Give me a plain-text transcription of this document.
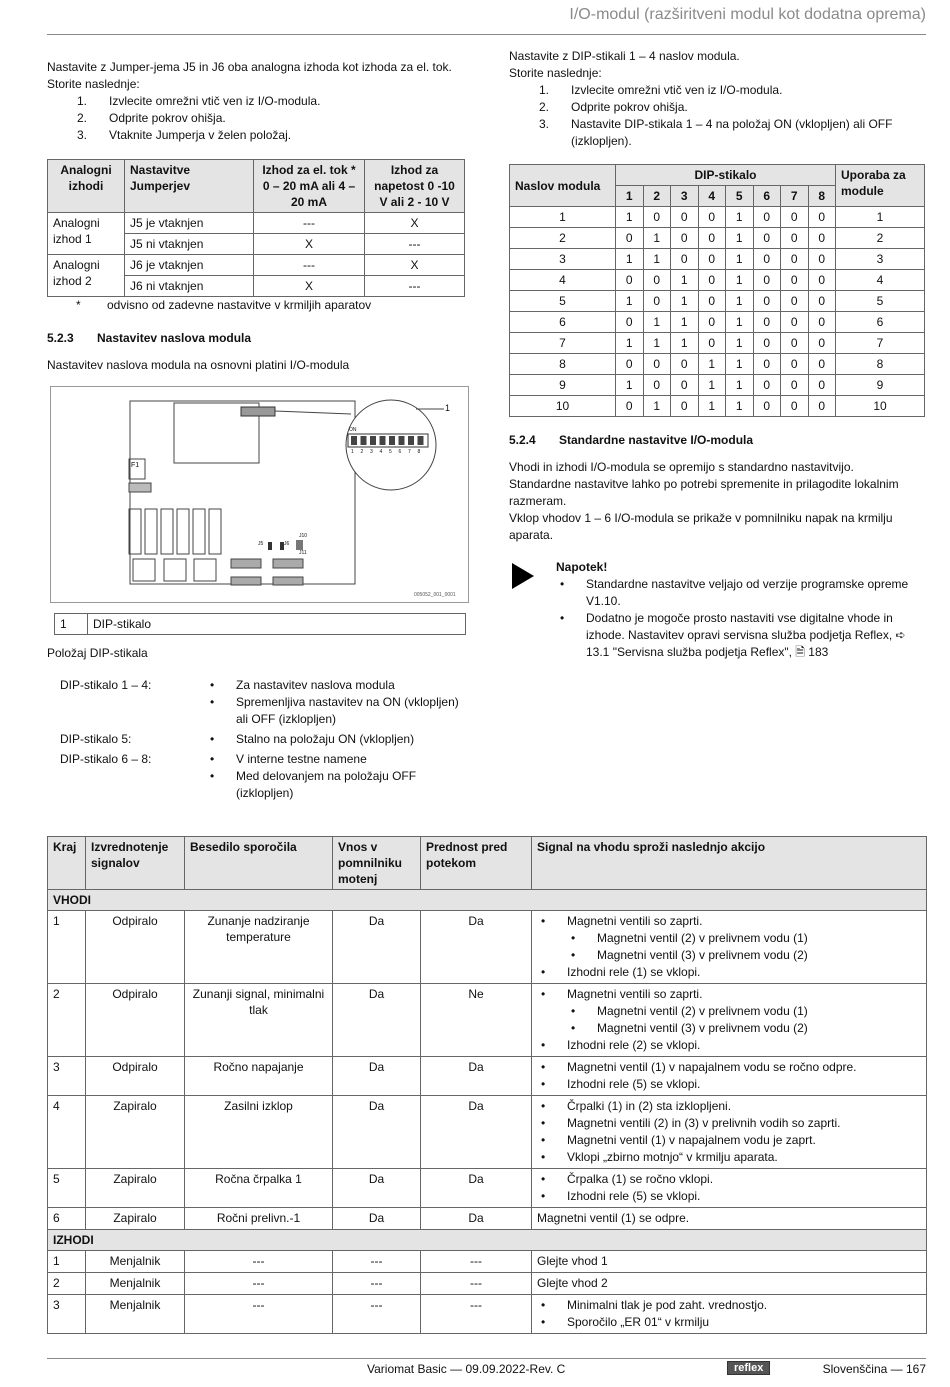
I/O-modul (razširitveni modul kot dodatna oprema)
Nastavite z Jumper-jema J5 in J6 oba analogna izhoda kot izhoda za el. tok.
Storite naslednje:
1. Izvlecite omrežni vtič ven iz I/O-modula.
2. Odprite pokrov ohišja.
3. Vtaknite Jumperja v želen položaj.
Analogni izhodi	Nastavitve Jumperjev	Izhod za el. tok * 0 – 20 mA ali 4 – 20 mA	Izhod za napetost 0 -10 V ali 2 - 10 V
Analogni izhod 1	J5 je vtaknjen	---	X
	J5 ni vtaknjen	X	---
Analogni izhod 2	J6 je vtaknjen	---	X
	J6 ni vtaknjen	X	---
* odvisno od zadevne nastavitve v krmiljih aparatov
5.2.3 Nastavitev naslova modula
Nastavitev naslova modula na osnovni platini I/O-modula
1
ON
F1
J5	J6
J10
J11
005052_001_0001
1 2 3 4 5 6 7 8
1	DIP-stikalo
Položaj DIP-stikala
DIP-stikalo 1 – 4:	• Za nastavitev naslova modula
• Spremenljiva nastavitev na ON (vklopljen) ali OFF (izklopljen)
DIP-stikalo 5:	• Stalno na položaju ON (vklopljen)
DIP-stikalo 6 – 8:	• V interne testne namene
• Med delovanjem na položaju OFF (izklopljen)
Nastavite z DIP-stikali 1 – 4 naslov modula.
Storite naslednje:
1. Izvlecite omrežni vtič ven iz I/O-modula.
2. Odprite pokrov ohišja.
3. Nastavite DIP-stikala 1 – 4 na položaj ON (vklopljen) ali OFF (izklopljen).
Naslov modula	DIP-stikalo								Uporaba za module
	1	2	3	4	5	6	7	8	
1	1	0	0	0	1	0	0	0	1
2	0	1	0	0	1	0	0	0	2
3	1	1	0	0	1	0	0	0	3
4	0	0	1	0	1	0	0	0	4
5	1	0	1	0	1	0	0	0	5
6	0	1	1	0	1	0	0	0	6
7	1	1	1	0	1	0	0	0	7
8	0	0	0	1	1	0	0	0	8
9	1	0	0	1	1	0	0	0	9
10	0	1	0	1	1	0	0	0	10
5.2.4 Standardne nastavitve I/O-modula
Vhodi in izhodi I/O-modula se opremijo s standardno nastavitvijo.
Standardne nastavitve lahko po potrebi spremenite in prilagodite lokalnim razmeram.
Vklop vhodov 1 – 6 I/O-modula se prikaže v pomnilniku napak na krmilju aparata.
Napotek!
• Standardne nastavitve veljajo od verzije programske opreme V1.10.
• Dodatno je mogoče prosto nastaviti vse digitalne vhode in izhode. Nastavitev opravi servisna služba podjetja Reflex, ➪ 13.1 "Servisna služba podjetja Reflex", 🗎 183
Kraj	Izvrednotenje signalov	Besedilo sporočila	Vnos v pomnilniku motenj	Prednost pred potekom	Signal na vhodu sproži naslednjo akcijo
VHODI					
1	Odpiralo	Zunanje nadziranje temperature	Da	Da	• Magnetni ventili so zaprti.
• Magnetni ventil (2) v prelivnem vodu (1)
• Magnetni ventil (3) v prelivnem vodu (2)
• Izhodni rele (1) se vklopi.

2	Odpiralo	Zunanji signal, minimalni tlak	Da	Ne	• Magnetni ventili so zaprti.
• Magnetni ventil (2) v prelivnem vodu (1)
• Magnetni ventil (3) v prelivnem vodu (2)
• Izhodni rele (2) se vklopi.

3	Odpiralo	Ročno napajanje	Da	Da	• Magnetni ventil (1) v napajalnem vodu se ročno odpre.
• Izhodni rele (5) se vklopi.

4	Zapiralo	Zasilni izklop	Da	Da	• Črpalki (1) in (2) sta izklopljeni.
• Magnetni ventili (2) in (3) v prelivnih vodih so zaprti.
• Magnetni ventil (1) v napajalnem vodu je zaprt.
• Vklopi „zbirno motnjo“ v krmilju aparata.

5	Zapiralo	Ročna črpalka 1	Da	Da	• Črpalka (1) se ročno vklopi.
• Izhodni rele (5) se vklopi.

6	Zapiralo	Ročni prelivn.-1	Da	Da	Magnetni ventil (1) se odpre.

IZHODI					
1	Menjalnik	---	---	---	Glejte vhod 1

2	Menjalnik	---	---	---	Glejte vhod 2

3	Menjalnik	---	---	---	• Minimalni tlak je pod zaht. vrednostjo.
• Sporočilo „ER 01“ v krmilju
Variomat Basic — 09.09.2022-Rev. C	reflex	Slovenščina — 167
